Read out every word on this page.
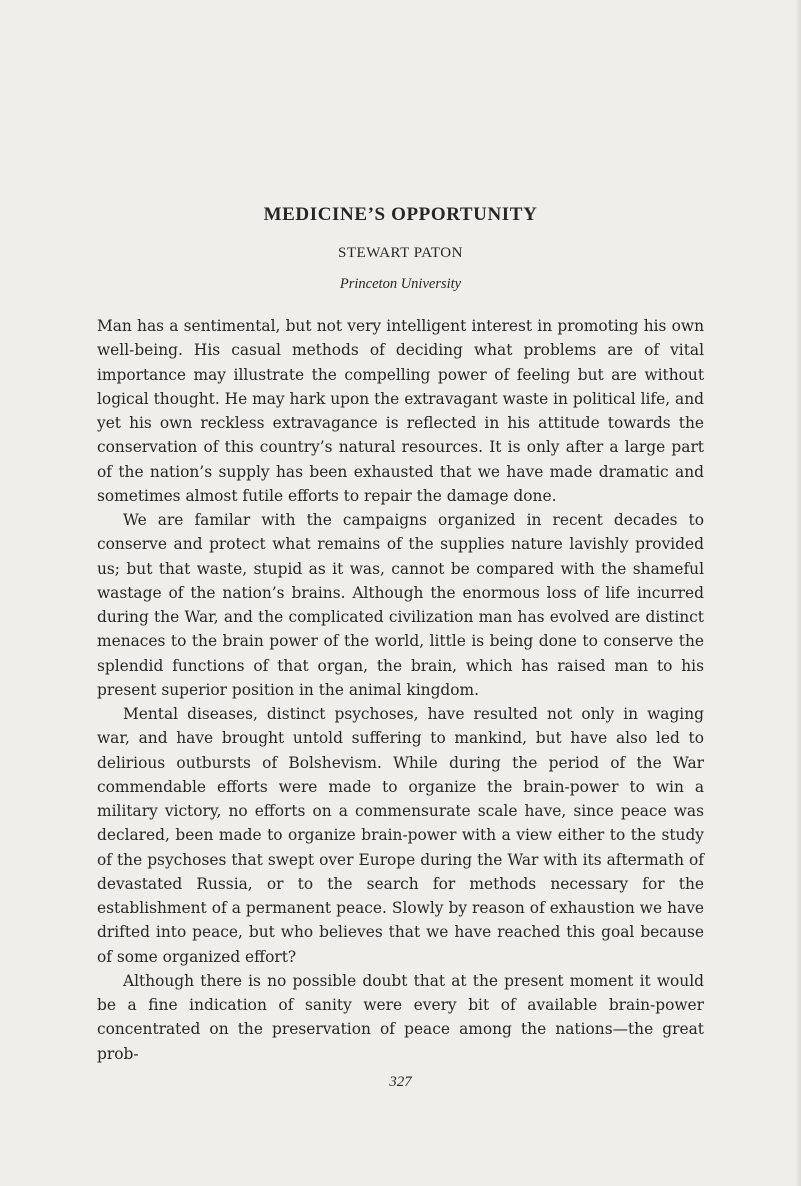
MEDICINE’S OPPORTUNITY
STEWART PATON
Princeton University

Man has a sentimental, but not very intelligent interest in promoting his own well-being. His casual methods of deciding what problems are of vital importance may illustrate the compelling power of feeling but are without logical thought. He may hark upon the extravagant waste in political life, and yet his own reckless extravagance is reflected in his attitude towards the conservation of this country’s natural resources. It is only after a large part of the nation’s supply has been exhausted that we have made dramatic and sometimes almost futile efforts to repair the damage done.

We are familar with the campaigns organized in recent decades to conserve and protect what remains of the supplies nature lavishly provided us; but that waste, stupid as it was, cannot be compared with the shameful wastage of the nation’s brains. Although the enormous loss of life incurred during the War, and the complicated civilization man has evolved are distinct menaces to the brain power of the world, little is being done to conserve the splendid functions of that organ, the brain, which has raised man to his present superior position in the animal kingdom.

Mental diseases, distinct psychoses, have resulted not only in waging war, and have brought untold suffering to mankind, but have also led to delirious outbursts of Bolshevism. While during the period of the War commendable efforts were made to organize the brain-power to win a military victory, no efforts on a commensurate scale have, since peace was declared, been made to organize brain-power with a view either to the study of the psychoses that swept over Europe during the War with its aftermath of devastated Russia, or to the search for methods necessary for the establishment of a permanent peace. Slowly by reason of exhaustion we have drifted into peace, but who believes that we have reached this goal because of some organized effort?

Although there is no possible doubt that at the present moment it would be a fine indication of sanity were every bit of available brain-power concentrated on the preservation of peace among the nations—the great prob-

327
